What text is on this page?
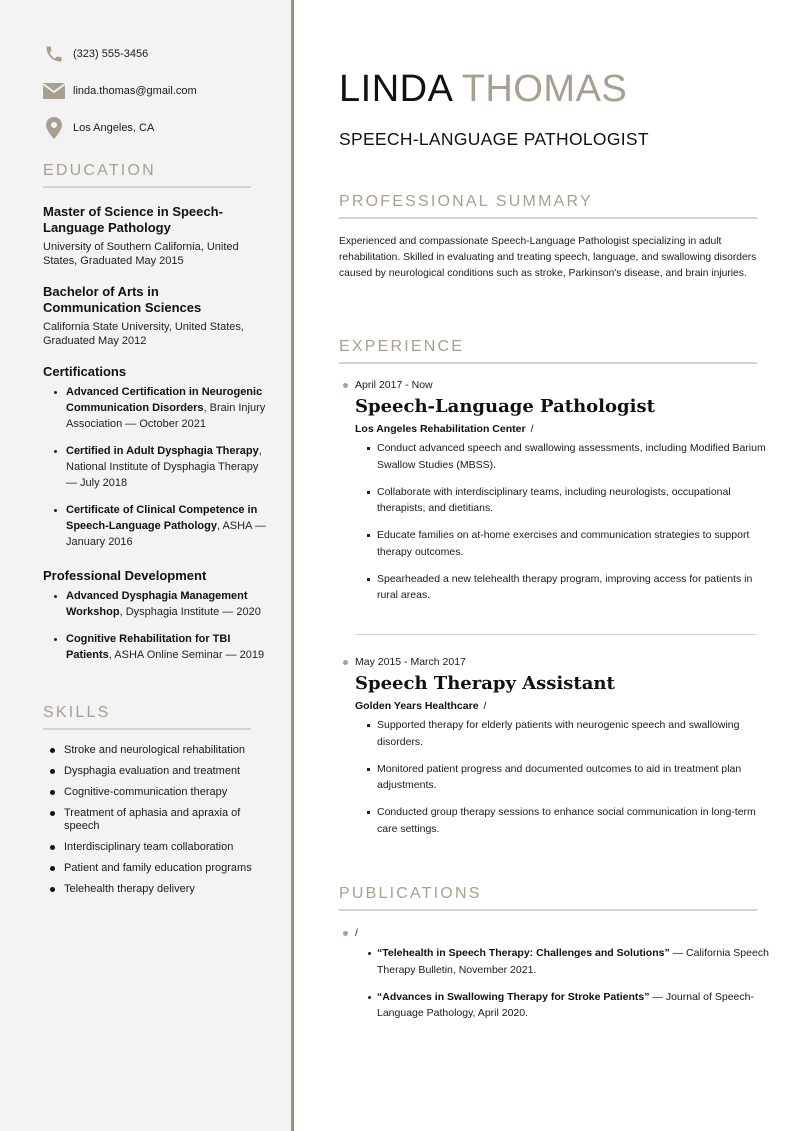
(323) 555-3456
linda.thomas@gmail.com
Los Angeles, CA
EDUCATION
Master of Science in Speech-Language Pathology
University of Southern California, United States, Graduated May 2015
Bachelor of Arts in Communication Sciences
California State University, United States, Graduated May 2012
Certifications
Advanced Certification in Neurogenic Communication Disorders, Brain Injury Association — October 2021
Certified in Adult Dysphagia Therapy, National Institute of Dysphagia Therapy — July 2018
Certificate of Clinical Competence in Speech-Language Pathology, ASHA — January 2016
Professional Development
Advanced Dysphagia Management Workshop, Dysphagia Institute — 2020
Cognitive Rehabilitation for TBI Patients, ASHA Online Seminar — 2019
SKILLS
Stroke and neurological rehabilitation
Dysphagia evaluation and treatment
Cognitive-communication therapy
Treatment of aphasia and apraxia of speech
Interdisciplinary team collaboration
Patient and family education programs
Telehealth therapy delivery
LINDA THOMAS
SPEECH-LANGUAGE PATHOLOGIST
PROFESSIONAL SUMMARY

Experienced and compassionate Speech-Language Pathologist specializing in adult rehabilitation. Skilled in evaluating and treating speech, language, and swallowing disorders caused by neurological conditions such as stroke, Parkinson's disease, and brain injuries.

EXPERIENCE
April 2017 - Now
Speech-Language Pathologist
Los Angeles Rehabilitation Center /
Conduct advanced speech and swallowing assessments, including Modified Barium Swallow Studies (MBSS).
Collaborate with interdisciplinary teams, including neurologists, occupational therapists, and dietitians.
Educate families on at-home exercises and communication strategies to support therapy outcomes.
Spearheaded a new telehealth therapy program, improving access for patients in rural areas.
May 2015 - March 2017
Speech Therapy Assistant
Golden Years Healthcare /
Supported therapy for elderly patients with neurogenic speech and swallowing disorders.
Monitored patient progress and documented outcomes to aid in treatment plan adjustments.
Conducted group therapy sessions to enhance social communication in long-term care settings.
PUBLICATIONS
/
“Telehealth in Speech Therapy: Challenges and Solutions” — California Speech Therapy Bulletin, November 2021.
“Advances in Swallowing Therapy for Stroke Patients” — Journal of Speech-Language Pathology, April 2020.
